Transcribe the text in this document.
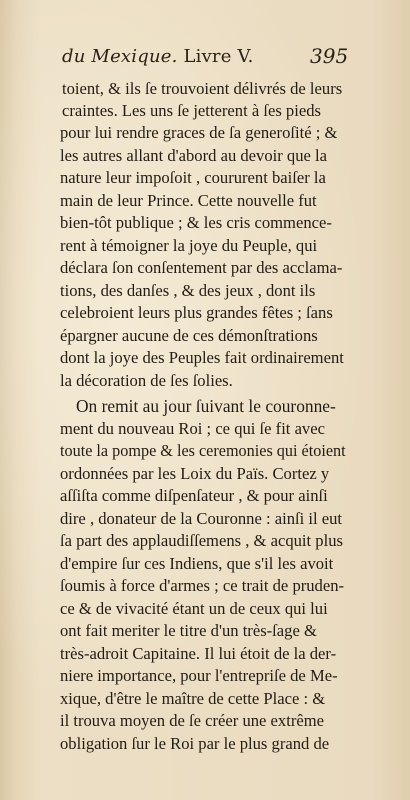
du Mexique. Livre V.	395
toient, & ils ſe trouvoient délivrés de leurs
craintes. Les uns ſe jetterent à ſes pieds
pour lui rendre graces de ſa generoſité ; &
les autres allant d'abord au devoir que la
nature leur impoſoit , coururent baiſer la
main de leur Prince. Cette nouvelle fut
bien-tôt publique ; & les cris commence-
rent à témoigner la joye du Peuple, qui
déclara ſon conſentement par des acclama-
tions, des danſes , & des jeux , dont ils
celebroient leurs plus grandes fêtes ; ſans
épargner aucune de ces démonſtrations
dont la joye des Peuples fait ordinairement
la décoration de ſes ſolies.
On remit au jour ſuivant le couronne-
ment du nouveau Roi ; ce qui ſe fit avec
toute la pompe & les ceremonies qui étoient
ordonnées par les Loix du Païs. Cortez y
aſſiſta comme diſpenſateur , & pour ainſi
dire , donateur de la Couronne : ainſi il eut
ſa part des applaudiſſemens , & acquit plus
d'empire ſur ces Indiens, que s'il les avoit
ſoumis à force d'armes ; ce trait de pruden-
ce & de vivacité étant un de ceux qui lui
ont fait meriter le titre d'un très-ſage &
très-adroit Capitaine. Il lui étoit de la der-
niere importance, pour l'entrepriſe de Me-
xique, d'être le maître de cette Place : &
il trouva moyen de ſe créer une extrême
obligation ſur le Roi par le plus grand de
